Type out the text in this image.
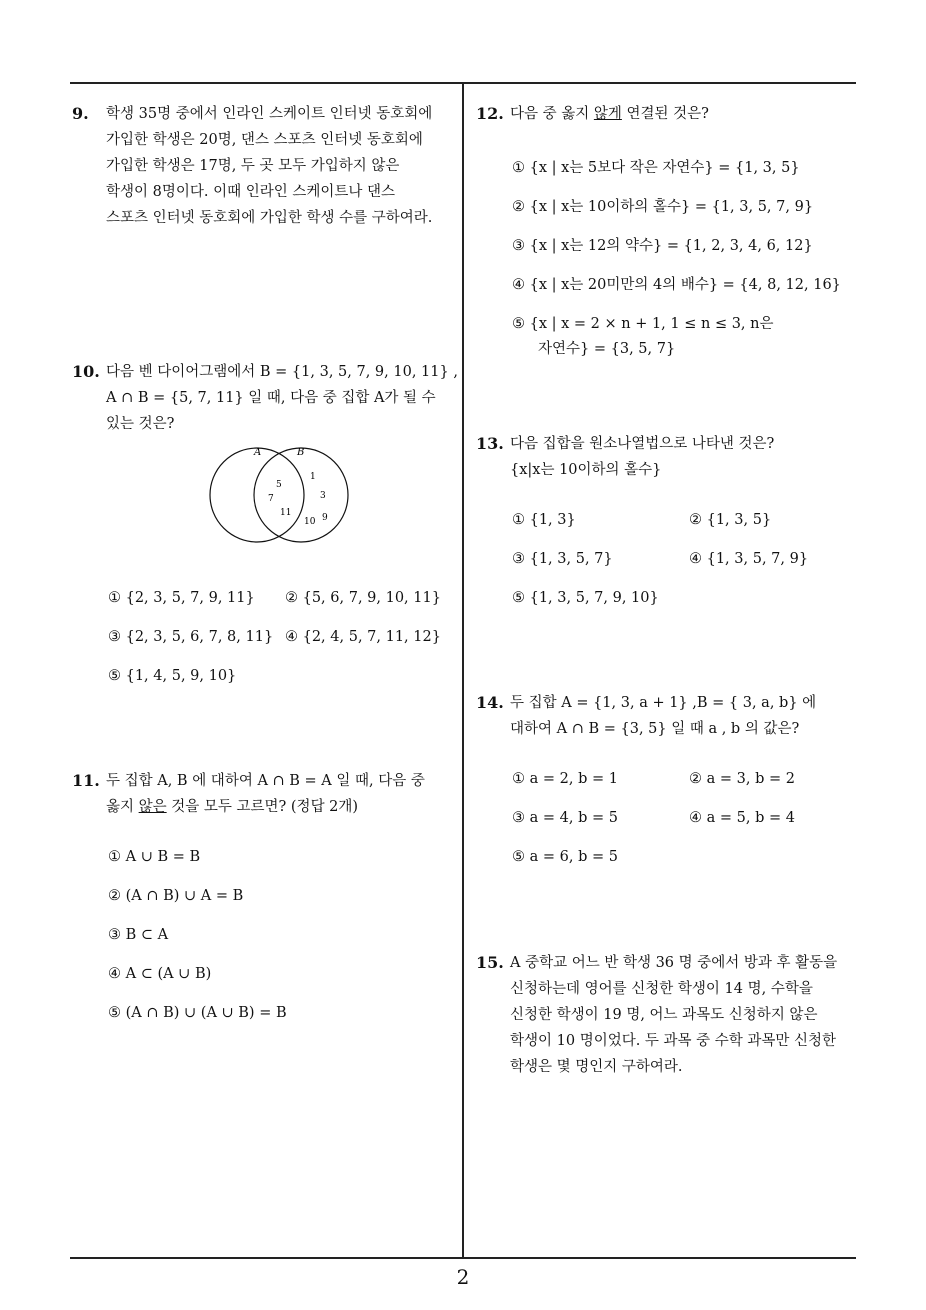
9. 학생 35명 중에서 인라인 스케이트 인터넷 동호회에
가입한 학생은 20명, 댄스 스포츠 인터넷 동호회에
가입한 학생은 17명, 두 곳 모두 가입하지 않은
학생이 8명이다. 이때 인라인 스케이트나 댄스
스포츠 인터넷 동호회에 가입한 학생 수를 구하여라.
10. 다음 벤 다이어그램에서 B = {1, 3, 5, 7, 9, 10, 11} ,
A ∩ B = {5, 7, 11} 일 때, 다음 중 집합 A가 될 수
있는 것은?
A	B
5
7
11
1
3
9
10
① {2, 3, 5, 7, 9, 11} ② {5, 6, 7, 9, 10, 11}
③ {2, 3, 5, 6, 7, 8, 11} ④ {2, 4, 5, 7, 11, 12}
⑤ {1, 4, 5, 9, 10}
11. 두 집합 A, B 에 대하여 A ∩ B = A 일 때, 다음 중
옳지 않은 것을 모두 고르면? (정답 2개)
① A ∪ B = B
② (A ∩ B) ∪ A = B
③ B ⊂ A
④ A ⊂ (A ∪ B)
⑤ (A ∩ B) ∪ (A ∪ B) = B
12. 다음 중 옳지 않게 연결된 것은?
① {x | x는 5보다 작은 자연수} = {1, 3, 5}
② {x | x는 10이하의 홀수} = {1, 3, 5, 7, 9}
③ {x | x는 12의 약수} = {1, 2, 3, 4, 6, 12}
④ {x | x는 20미만의 4의 배수} = {4, 8, 12, 16}
⑤ {x | x = 2 × n + 1, 1 ≤ n ≤ 3, n은
자연수} = {3, 5, 7}
13. 다음 집합을 원소나열법으로 나타낸 것은?
{x|x는 10이하의 홀수}
① {1, 3}	② {1, 3, 5}
③ {1, 3, 5, 7}	④ {1, 3, 5, 7, 9}
⑤ {1, 3, 5, 7, 9, 10}
14. 두 집합 A = {1, 3, a + 1} ,B = { 3, a, b} 에
대하여 A ∩ B = {3, 5} 일 때 a , b 의 값은?
① a = 2, b = 1	② a = 3, b = 2
③ a = 4, b = 5	④ a = 5, b = 4
⑤ a = 6, b = 5
15. A 중학교 어느 반 학생 36 명 중에서 방과 후 활동을
신청하는데 영어를 신청한 학생이 14 명, 수학을
신청한 학생이 19 명, 어느 과목도 신청하지 않은
학생이 10 명이었다. 두 과목 중 수학 과목만 신청한
학생은 몇 명인지 구하여라.
2
